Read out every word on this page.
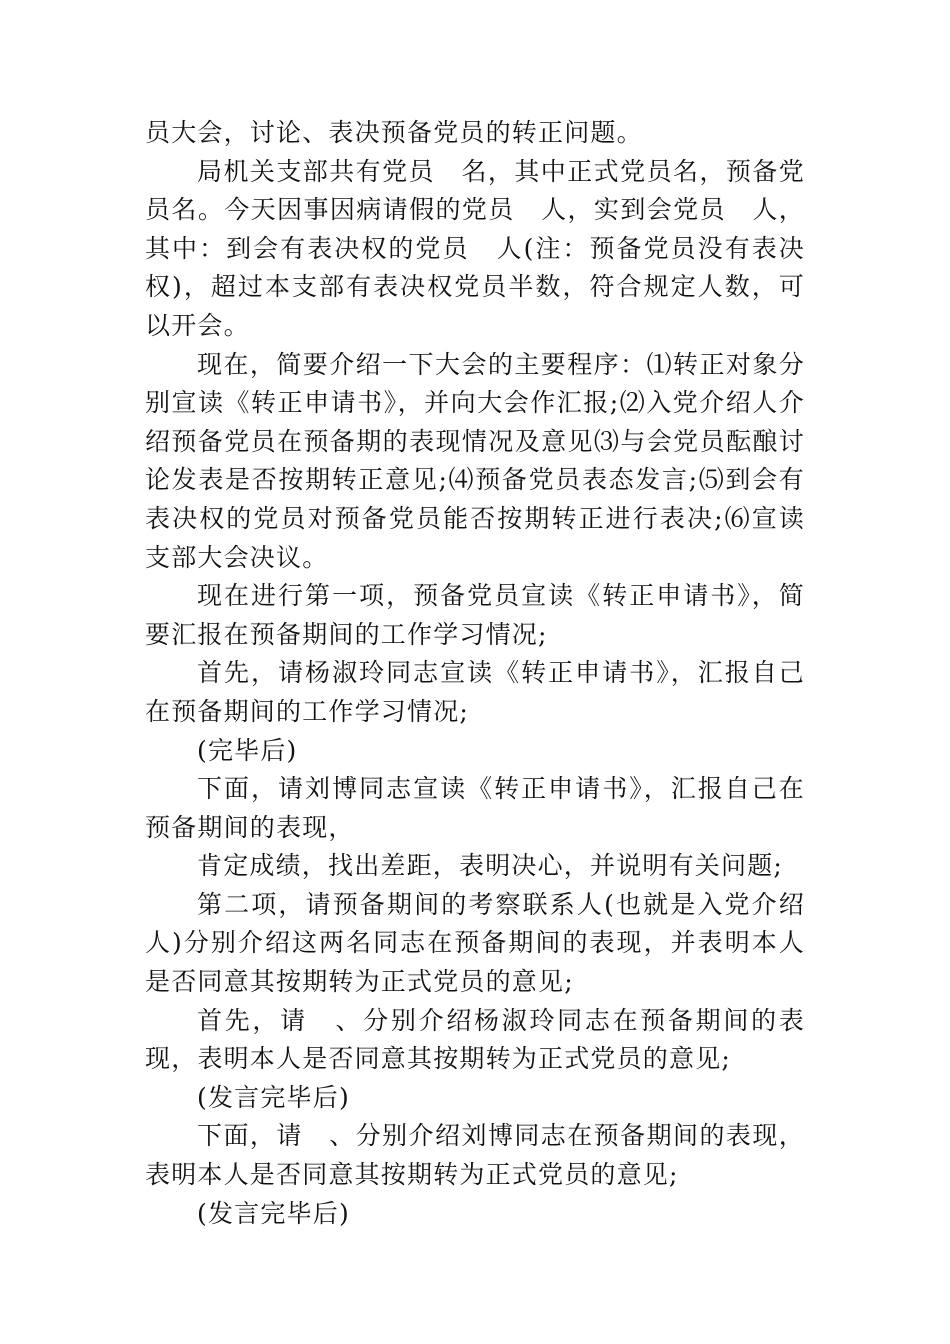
员大会，讨论、表决预备党员的转正问题。

局机关支部共有党员　名，其中正式党员名，预备党员名。今天因事因病请假的党员　人，实到会党员　人，其中：到会有表决权的党员　人(注：预备党员没有表决权)，超过本支部有表决权党员半数，符合规定人数，可以开会。

现在，简要介绍一下大会的主要程序：⑴转正对象分别宣读《转正申请书》，并向大会作汇报;⑵入党介绍人介绍预备党员在预备期的表现情况及意见⑶与会党员酝酿讨论发表是否按期转正意见;⑷预备党员表态发言;⑸到会有表决权的党员对预备党员能否按期转正进行表决;⑹宣读支部大会决议。

现在进行第一项，预备党员宣读《转正申请书》，简要汇报在预备期间的工作学习情况;

首先，请杨淑玲同志宣读《转正申请书》，汇报自己在预备期间的工作学习情况;

(完毕后)

下面，请刘博同志宣读《转正申请书》，汇报自己在预备期间的表现，

肯定成绩，找出差距，表明决心，并说明有关问题;

第二项，请预备期间的考察联系人(也就是入党介绍人)分别介绍这两名同志在预备期间的表现，并表明本人是否同意其按期转为正式党员的意见;

首先，请　、分别介绍杨淑玲同志在预备期间的表现，表明本人是否同意其按期转为正式党员的意见;

(发言完毕后)

下面，请　、分别介绍刘博同志在预备期间的表现，表明本人是否同意其按期转为正式党员的意见;

(发言完毕后)
